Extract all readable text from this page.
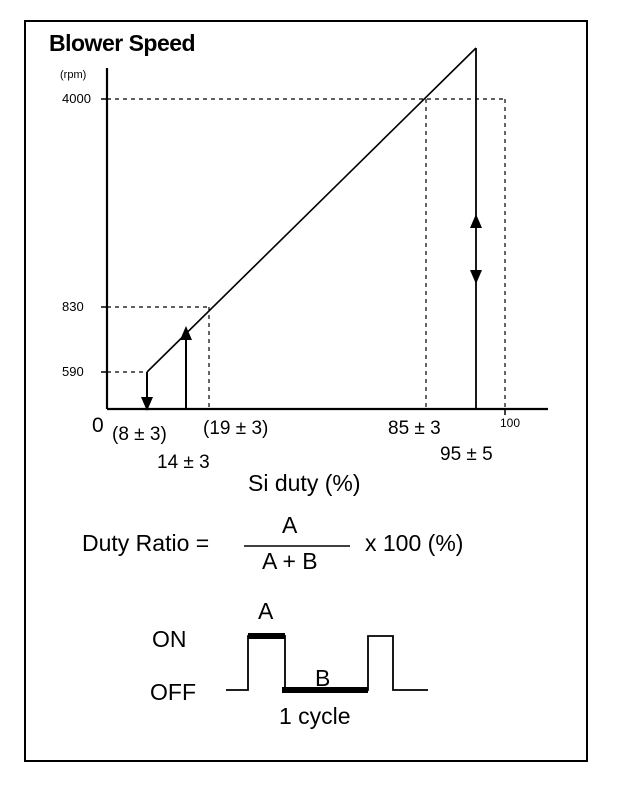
Blower Speed
(rpm)
590
830
4000
0	100
Si duty (%)
(8 ± 3)
14 ± 3
(19 ± 3)	85 ± 3
95 ± 5
Duty Ratio =
A
A + B
x 100 (%)
ON
OFF
A
B
1 cycle
